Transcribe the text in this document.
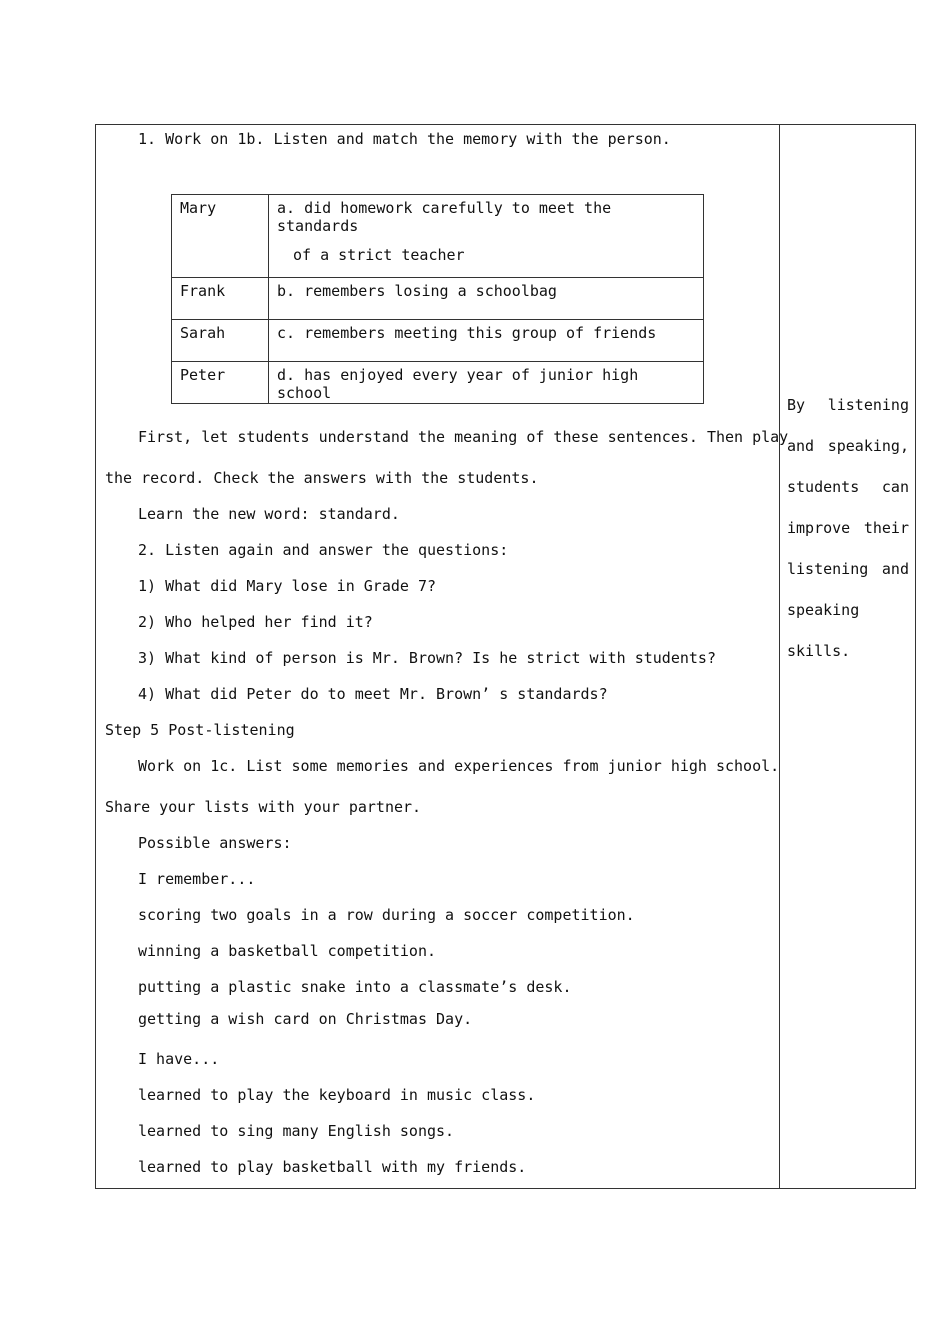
1. Work on 1b. Listen and match the memory with the person.
Mary	a. did homework carefully to meet the standards

of a strict teacher

Frank	b. remembers losing a schoolbag
Sarah	c. remembers meeting this group of friends
Peter	d. has enjoyed every year of junior high school
First, let students understand the meaning of these sentences. Then play
the record. Check the answers with the students.
Learn the new word: standard.
2. Listen again and answer the questions:
1) What did Mary lose in Grade 7?
2) Who helped her find it?
3) What kind of person is Mr. Brown? Is he strict with students?
4) What did Peter do to meet Mr. Brown’ s standards?
Step 5 Post-listening
Work on 1c. List some memories and experiences from junior high school.
Share your lists with your partner.
Possible answers:
I remember...
scoring two goals in a row during a soccer competition.
winning a basketball competition.
putting a plastic snake into a classmate’s desk.
getting a wish card on Christmas Day.
I have...
learned to play the keyboard in music class.
learned to sing many English songs.
learned to play basketball with my friends.
By listening
and speaking,
students can
improve their
listening and
speaking
skills.
